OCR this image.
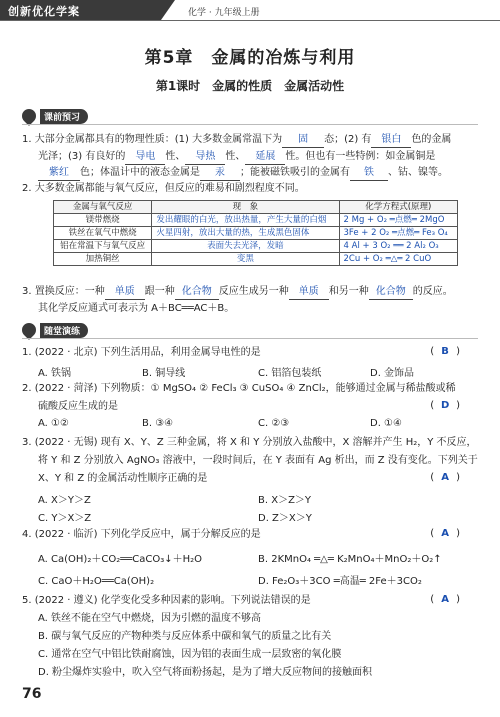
创新优化学案	化学 · 九年级上册
第5章　金属的冶炼与利用
第1课时　金属的性质　金属活动性
课前预习
1. 大部分金属都具有的物理性质：(1) 大多数金属常温下为 固 态；(2) 有 银白 色的金属
光泽；(3) 有良好的 导电 性、 导热 性、 延展 性。但也有一些特例：如金属铜是
紫红 色；体温计中的液态金属是 汞 ；能被磁铁吸引的金属有 铁 、钴、镍等。
2. 大多数金属都能与氧气反应，但反应的难易和剧烈程度不同。
金属与氧气反应	现　象	化学方程式(原理)
镁带燃烧	发出耀眼的白光，放出热量，产生大量的白烟	2 Mg + O₂ ═点燃═ 2MgO
铁丝在氧气中燃烧	火星四射，放出大量的热，生成黑色固体	3Fe + 2 O₂ ═点燃═ Fe₃ O₄
铝在常温下与氧气反应	表面失去光泽，发暗	4 Al + 3 O₂ ══ 2 Al₂ O₃
加热铜丝	变黑	2Cu + O₂ ═△═ 2 CuO
3. 置换反应：一种 单质 跟一种 化合物 反应生成另一种 单质 和另一种 化合物 的反应。
其化学反应通式可表示为 A＋BC══AC＋B。
随堂演练
1. (2022 · 北京) 下列生活用品，利用金属导电性的是	( B )
A. 铁锅	B. 铜导线	C. 铝箔包装纸	D. 金饰品
2. (2022 · 菏泽) 下列物质：① MgSO₄ ② FeCl₃ ③ CuSO₄ ④ ZnCl₂，能够通过金属与稀盐酸或稀
硫酸反应生成的是	( D )
A. ①②	B. ③④	C. ②③	D. ①④
3. (2022 · 无锡) 现有 X、Y、Z 三种金属，将 X 和 Y 分别放入盐酸中，X 溶解并产生 H₂，Y 不反应，
将 Y 和 Z 分别放入 AgNO₃ 溶液中，一段时间后，在 Y 表面有 Ag 析出，而 Z 没有变化。下列关于
X、Y 和 Z 的金属活动性顺序正确的是	( A )
A. X＞Y＞Z	B. X＞Z＞Y
C. Y＞X＞Z	D. Z＞X＞Y
4. (2022 · 临沂) 下列化学反应中，属于分解反应的是	( A )
A. Ca(OH)₂＋CO₂══CaCO₃↓＋H₂O	B. 2KMnO₄ ═△═ K₂MnO₄＋MnO₂＋O₂↑
C. CaO＋H₂O══Ca(OH)₂	D. Fe₂O₃＋3CO ═高温═ 2Fe＋3CO₂
5. (2022 · 遵义) 化学变化受多种因素的影响。下列说法错误的是	( A )
A. 铁丝不能在空气中燃烧，因为引燃的温度不够高
B. 碳与氧气反应的产物种类与反应体系中碳和氧气的质量之比有关
C. 通常在空气中铝比铁耐腐蚀，因为铝的表面生成一层致密的氧化膜
D. 粉尘爆炸实验中，吹入空气将面粉扬起，是为了增大反应物间的接触面积
76
